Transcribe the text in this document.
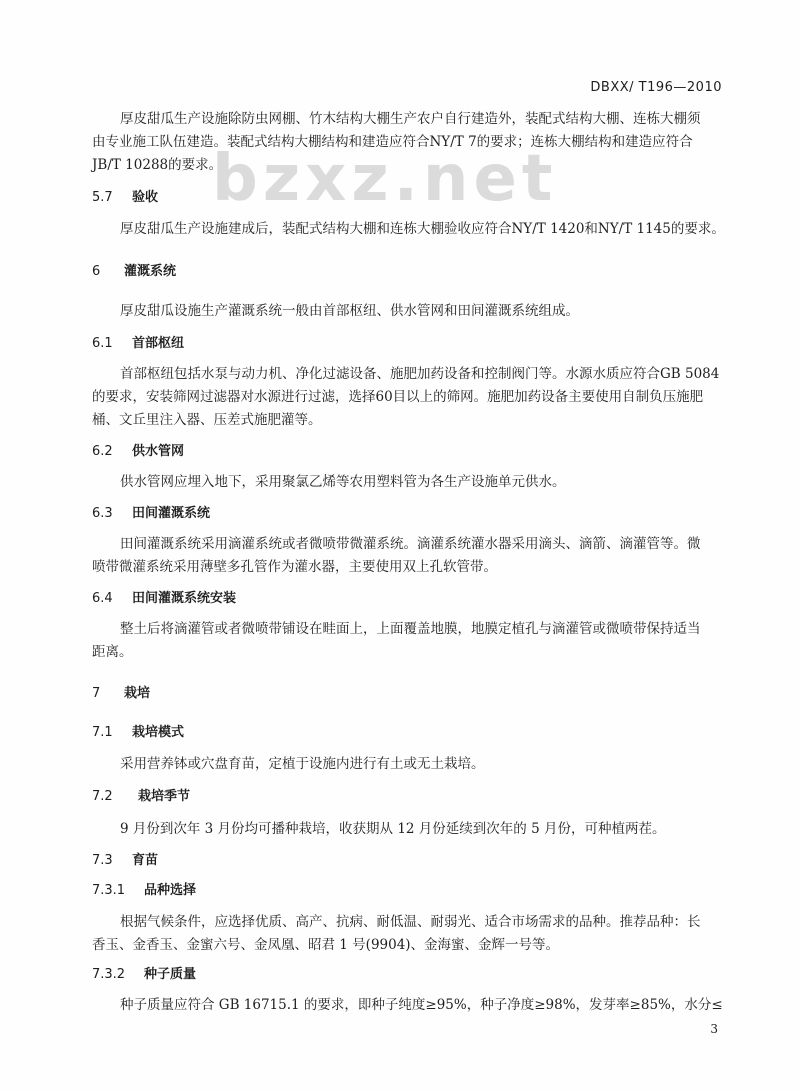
DBXX/ T196—2010
bzxz.net
厚皮甜瓜生产设施除防虫网棚、竹木结构大棚生产农户自行建造外，装配式结构大棚、连栋大棚须
由专业施工队伍建造。装配式结构大棚结构和建造应符合NY/T 7的要求；连栋大棚结构和建造应符合
JB/T 10288的要求。
5.7 验收
厚皮甜瓜生产设施建成后，装配式结构大棚和连栋大棚验收应符合NY/T 1420和NY/T 1145的要求。
6 灌溉系统
厚皮甜瓜设施生产灌溉系统一般由首部枢纽、供水管网和田间灌溉系统组成。
6.1 首部枢纽
首部枢纽包括水泵与动力机、净化过滤设备、施肥加药设备和控制阀门等。水源水质应符合GB 5084
的要求，安装筛网过滤器对水源进行过滤，选择60目以上的筛网。施肥加药设备主要使用自制负压施肥
桶、文丘里注入器、压差式施肥灌等。
6.2 供水管网
供水管网应埋入地下，采用聚氯乙烯等农用塑料管为各生产设施单元供水。
6.3 田间灌溉系统
田间灌溉系统采用滴灌系统或者微喷带微灌系统。滴灌系统灌水器采用滴头、滴箭、滴灌管等。微
喷带微灌系统采用薄壁多孔管作为灌水器，主要使用双上孔软管带。
6.4 田间灌溉系统安装
整土后将滴灌管或者微喷带铺设在畦面上，上面覆盖地膜，地膜定植孔与滴灌管或微喷带保持适当
距离。
7 栽培
7.1 栽培模式
采用营养钵或穴盘育苗，定植于设施内进行有土或无土栽培。
7.2 栽培季节
9 月份到次年 3 月份均可播种栽培，收获期从 12 月份延续到次年的 5 月份，可种植两茬。
7.3 育苗
7.3.1 品种选择
根据气候条件，应选择优质、高产、抗病、耐低温、耐弱光、适合市场需求的品种。推荐品种：长
香玉、金香玉、金蜜六号、金凤凰、昭君 1 号(9904)、金海蜜、金辉一号等。
7.3.2 种子质量
种子质量应符合 GB 16715.1 的要求，即种子纯度≥95%，种子净度≥98%，发芽率≥85%，水分≤
3
